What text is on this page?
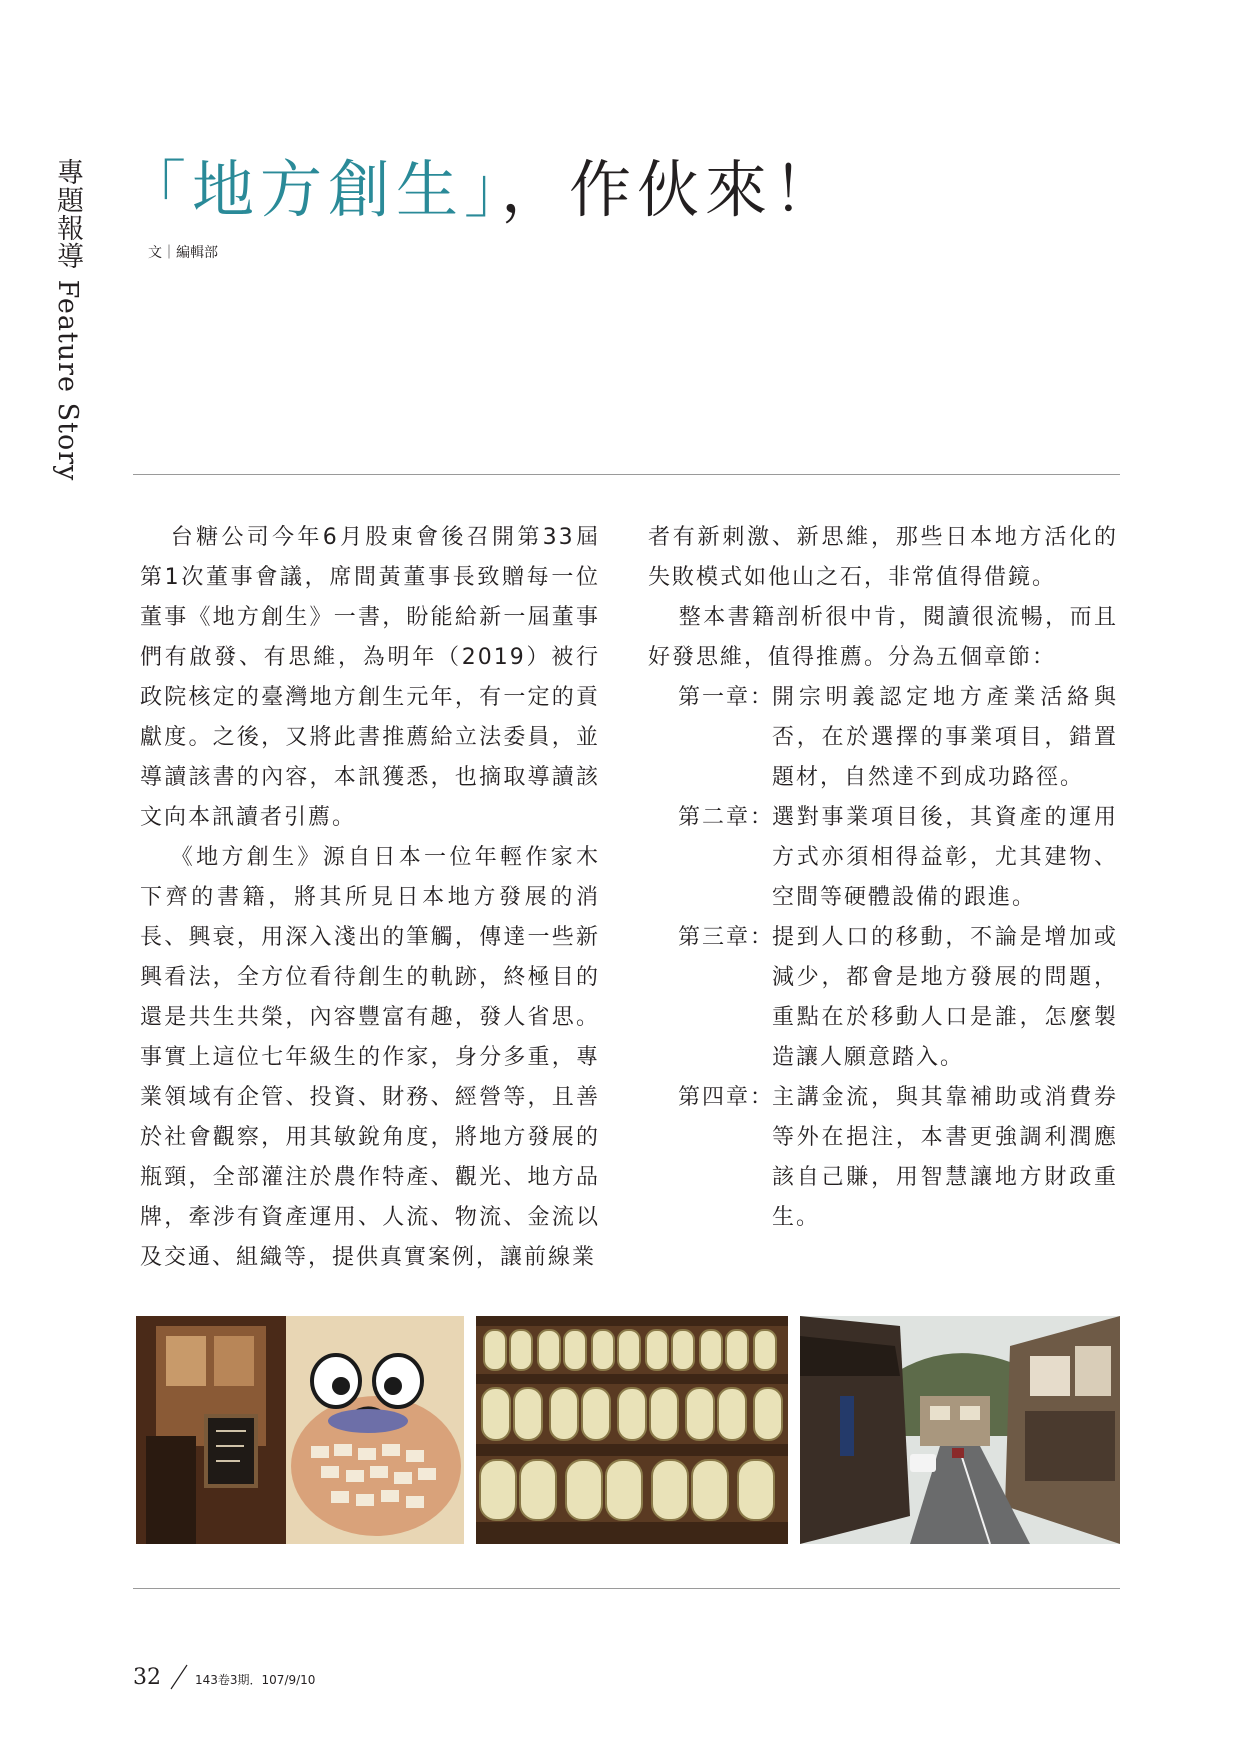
專題報導 Feature Story 「地方創生」，作伙來！
文｜編輯部

台糖公司今年6月股東會後召開第33屆第1次董事會議，席間黃董事長致贈每一位董事《地方創生》一書，盼能給新一屆董事們有啟發、有思維，為明年（2019）被行政院核定的臺灣地方創生元年，有一定的貢獻度。之後，又將此書推薦給立法委員，並導讀該書的內容，本訊獲悉，也摘取導讀該文向本訊讀者引薦。

《地方創生》源自日本一位年輕作家木下齊的書籍，將其所見日本地方發展的消長、興衰，用深入淺出的筆觸，傳達一些新興看法，全方位看待創生的軌跡，終極目的還是共生共榮，內容豐富有趣，發人省思。事實上這位七年級生的作家，身分多重，專業領域有企管、投資、財務、經營等，且善於社會觀察，用其敏銳角度，將地方發展的瓶頸，全部灌注於農作特產、觀光、地方品牌，牽涉有資產運用、人流、物流、金流以及交通、組織等，提供真實案例，讓前線業

者有新刺激、新思維，那些日本地方活化的失敗模式如他山之石，非常值得借鏡。

整本書籍剖析很中肯，閱讀很流暢，而且好發思維，值得推薦。分為五個章節：

第一章：
開宗明義認定地方產業活絡與否，在於選擇的事業項目，錯置題材，自然達不到成功路徑。
第二章：
選對事業項目後，其資產的運用方式亦須相得益彰，尤其建物、空間等硬體設備的跟進。
第三章：
提到人口的移動，不論是增加或減少，都會是地方發展的問題，重點在於移動人口是誰，怎麼製造讓人願意踏入。
第四章：
主講金流，與其靠補助或消費券等外在挹注，本書更強調利潤應該自己賺，用智慧讓地方財政重生。
32	143卷3期．107/9/10
